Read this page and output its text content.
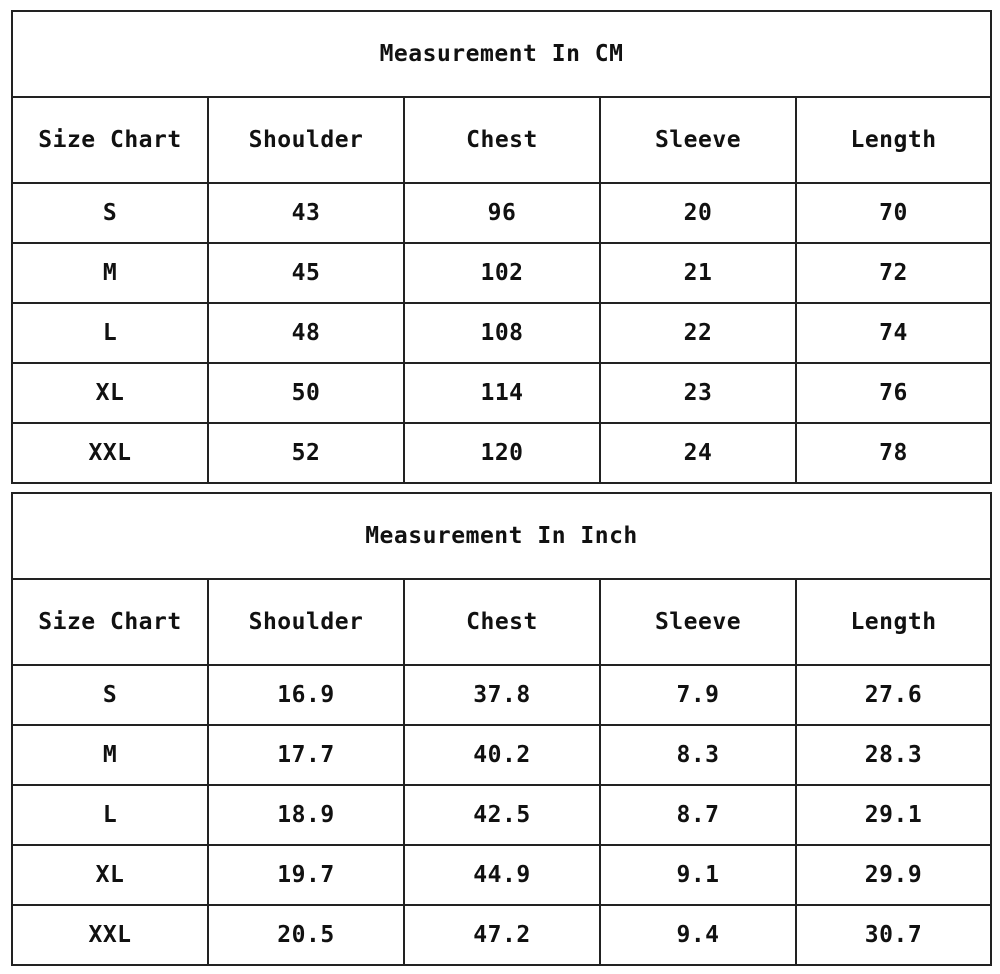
Measurement In CM				
Size Chart	Shoulder	Chest	Sleeve	Length
S	43	96	20	70
M	45	102	21	72
L	48	108	22	74
XL	50	114	23	76
XXL	52	120	24	78
Measurement In Inch				
Size Chart	Shoulder	Chest	Sleeve	Length
S	16.9	37.8	7.9	27.6
M	17.7	40.2	8.3	28.3
L	18.9	42.5	8.7	29.1
XL	19.7	44.9	9.1	29.9
XXL	20.5	47.2	9.4	30.7
